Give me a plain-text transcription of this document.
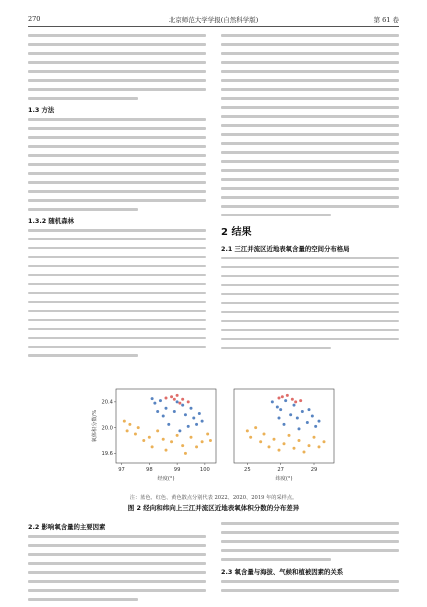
270	北京师范大学学报(自然科学版)	第 61 卷
1.3 方法
1.3.2 随机森林
2 结果
2.1 三江并流区近地表氧含量的空间分布格局
97	98	99	100
19.6
20.0
20.4
经度(°)
氧体积分数/%
25	27	29
纬度(°)
注：蓝色、红色、黄色散点分别代表 2022、2020、2019 年的采样点。
图 2 经向和纬向上三江并流区近地表氧体积分数的分布差异
2.2 影响氧含量的主要因素
2.3 氧含量与海拔、气候和植被因素的关系
